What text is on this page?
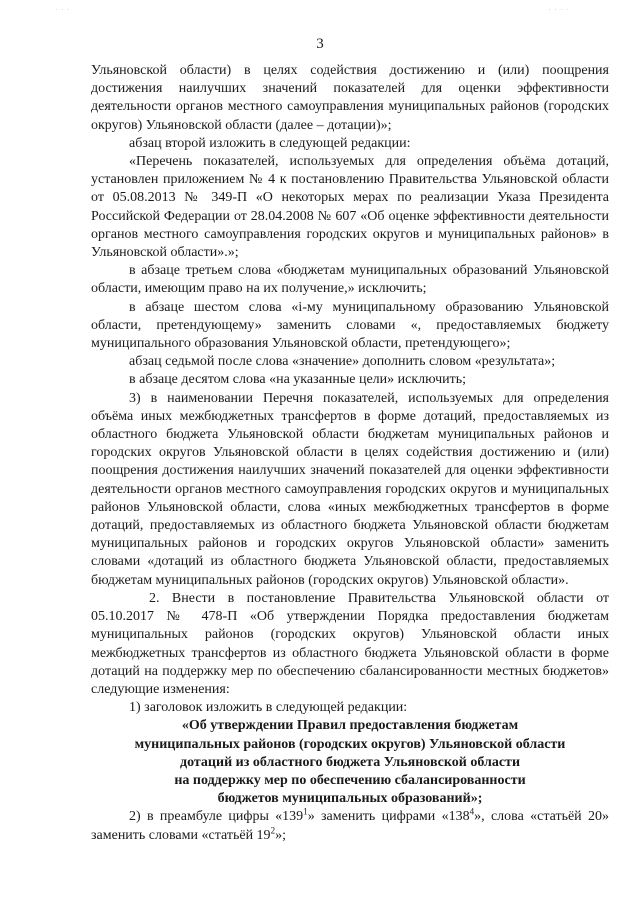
· · ·	· · · ·
3

Ульяновской области) в целях содействия достижению и (или) поощрения достижения наилучших значений показателей для оценки эффективности деятельности органов местного самоуправления муниципальных районов (городских округов) Ульяновской области (далее – дотации)»;

абзац второй изложить в следующей редакции:

«Перечень показателей, используемых для определения объёма дотаций, установлен приложением № 4 к постановлению Правительства Ульяновской области от 05.08.2013 № 349-П «О некоторых мерах по реализации Указа Президента Российской Федерации от 28.04.2008 № 607 «Об оценке эффективности деятельности органов местного самоуправления городских округов и муниципальных районов» в Ульяновской области».»;

в абзаце третьем слова «бюджетам муниципальных образований Ульяновской области, имеющим право на их получение,» исключить;

в абзаце шестом слова «i-му муниципальному образованию Ульяновской области, претендующему» заменить словами «, предоставляемых бюджету муниципального образования Ульяновской области, претендующего»;

абзац седьмой после слова «значение» дополнить словом «результата»;

в абзаце десятом слова «на указанные цели» исключить;

3) в наименовании Перечня показателей, используемых для определения объёма иных межбюджетных трансфертов в форме дотаций, предоставляемых из областного бюджета Ульяновской области бюджетам муниципальных районов и городских округов Ульяновской области в целях содействия достижению и (или) поощрения достижения наилучших значений показателей для оценки эффективности деятельности органов местного самоуправления городских округов и муниципальных районов Ульяновской области, слова «иных межбюджетных трансфертов в форме дотаций, предоставляемых из областного бюджета Ульяновской области бюджетам муниципальных районов и городских округов Ульяновской области» заменить словами «дотаций из областного бюджета Ульяновской области, предоставляемых бюджетам муниципальных районов (городских округов) Ульяновской области».

2. Внести в постановление Правительства Ульяновской области от 05.10.2017 № 478-П «Об утверждении Порядка предоставления бюджетам муниципальных районов (городских округов) Ульяновской области иных межбюджетных трансфертов из областного бюджета Ульяновской области в форме дотаций на поддержку мер по обеспечению сбалансированности местных бюджетов» следующие изменения:

1) заголовок изложить в следующей редакции:

«Об утверждении Правил предоставления бюджетам
муниципальных районов (городских округов) Ульяновской области
дотаций из областного бюджета Ульяновской области
на поддержку мер по обеспечению сбалансированности
бюджетов муниципальных образований»;

2) в преамбуле цифры «$139^1$» заменить цифрами «$138^4$», слова «статьёй 20» заменить словами «статьёй $19^2$»;
